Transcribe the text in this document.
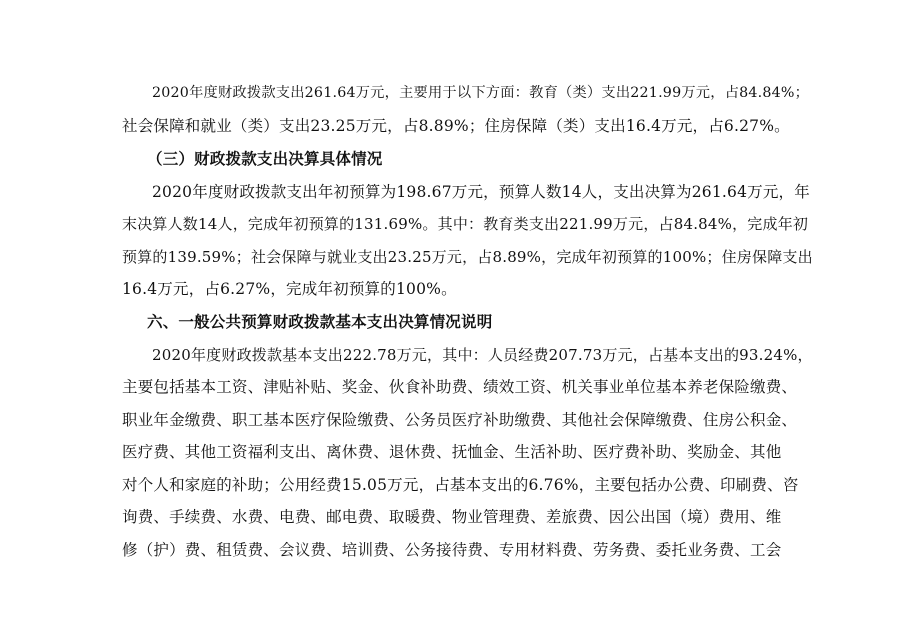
2020年度财政拨款支出261.64万元，主要用于以下方面：教育（类）支出221.99万元，占84.84%；
社会保障和就业（类）支出23.25万元，占8.89%；住房保障（类）支出16.4万元，占6.27%。
（三）财政拨款支出决算具体情况
2020年度财政拨款支出年初预算为198.67万元，预算人数14人，支出决算为261.64万元，年
末决算人数14人，完成年初预算的131.69%。其中：教育类支出221.99万元，占84.84%，完成年初
预算的139.59%；社会保障与就业支出23.25万元，占8.89%，完成年初预算的100%；住房保障支出
16.4万元，占6.27%，完成年初预算的100%。
六、一般公共预算财政拨款基本支出决算情况说明
2020年度财政拨款基本支出222.78万元，其中：人员经费207.73万元，占基本支出的93.24%，
主要包括基本工资、津贴补贴、奖金、伙食补助费、绩效工资、机关事业单位基本养老保险缴费、
职业年金缴费、职工基本医疗保险缴费、公务员医疗补助缴费、其他社会保障缴费、住房公积金、
医疗费、其他工资福利支出、离休费、退休费、抚恤金、生活补助、医疗费补助、奖励金、其他
对个人和家庭的补助；公用经费15.05万元，占基本支出的6.76%，主要包括办公费、印刷费、咨
询费、手续费、水费、电费、邮电费、取暖费、物业管理费、差旅费、因公出国（境）费用、维
修（护）费、租赁费、会议费、培训费、公务接待费、专用材料费、劳务费、委托业务费、工会
